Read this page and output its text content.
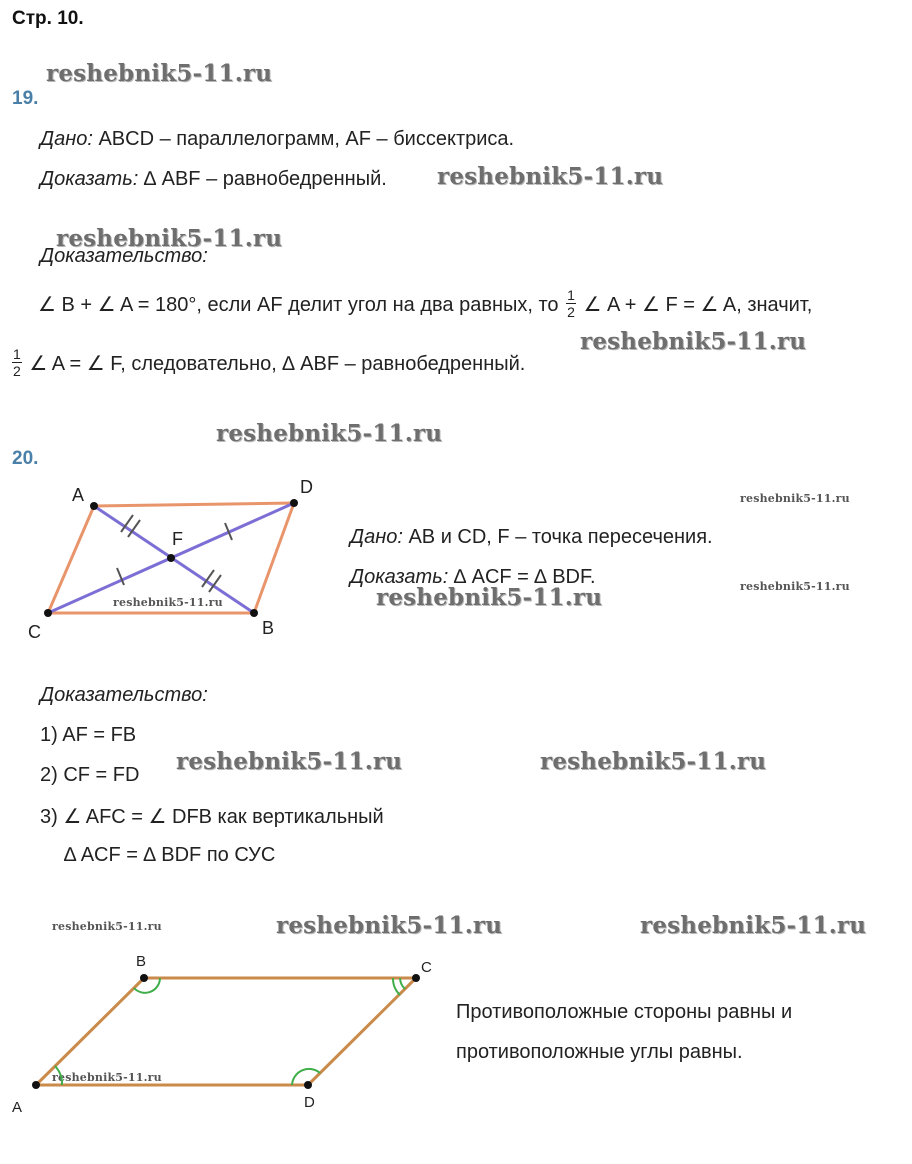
Стр. 10.
reshebnik5-11.ru
reshebnik5-11.ru
reshebnik5-11.ru
reshebnik5-11.ru
reshebnik5-11.ru
reshebnik5-11.ru
reshebnik5-11.ru
reshebnik5-11.ru
reshebnik5-11.ru
reshebnik5-11.ru	reshebnik5-11.ru
reshebnik5-11.ru	reshebnik5-11.ru	reshebnik5-11.ru
reshebnik5-11.ru
19.
Дано: ABCD – параллелограмм, AF – биссектриса.
Доказать: ∆ ABF – равнобедренный.
Доказательство:
∠ B + ∠ A = 180°, если AF делит угол на два равных, то $\frac{1}{2}$ ∠ A + ∠ F = ∠ A, значит,
$\frac{1}{2}$ ∠ A = ∠ F, следовательно, ∆ ABF – равнобедренный.
20.
A	D
F
C	B
Дано: AB и CD, F – точка пересечения.
Доказать: ∆ ACF = ∆ BDF.
Доказательство:
1) AF = FB
2) CF = FD
3) ∠ AFC = ∠ DFB как вертикальный
∆ ACF = ∆ BDF по СУС
A
B	C
D
Противоположные стороны равны и
противоположные углы равны.
